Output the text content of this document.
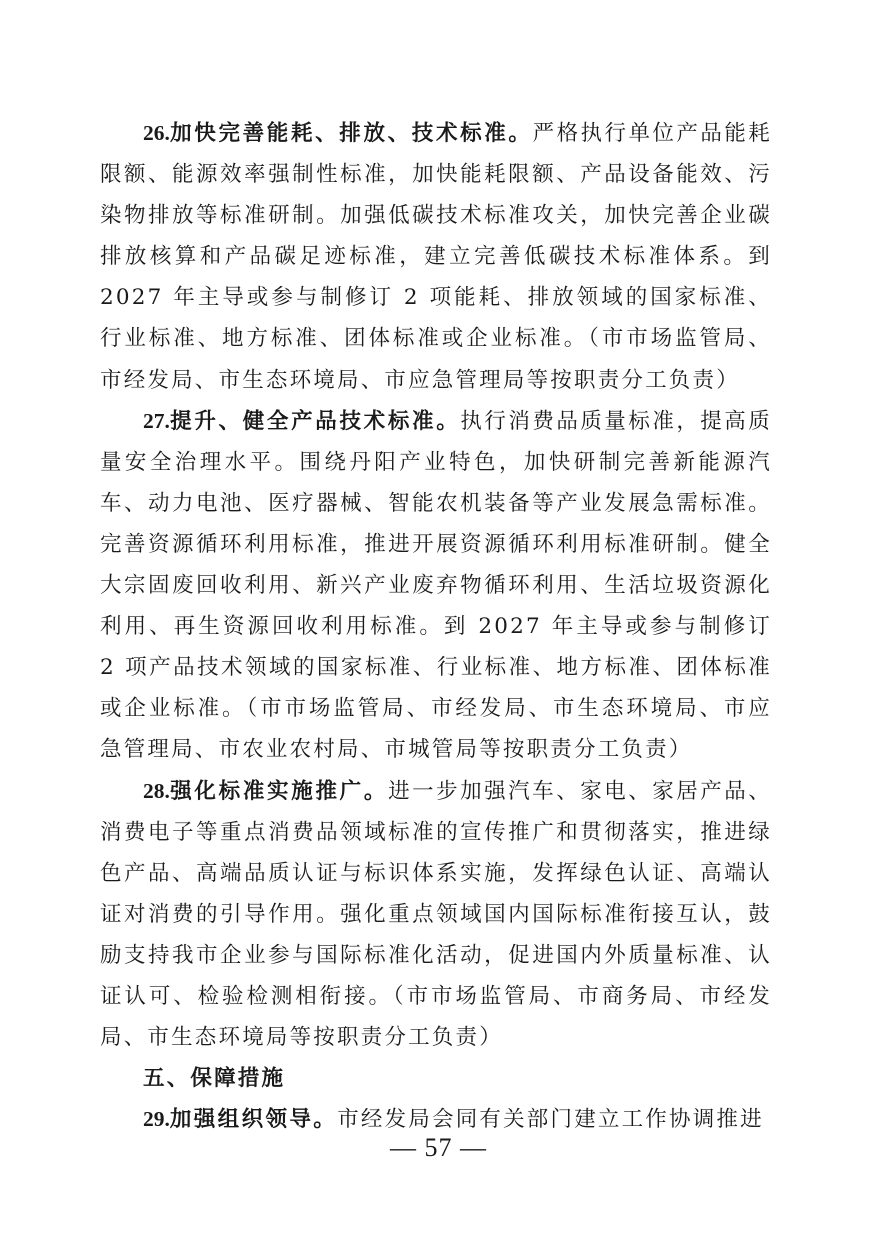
26.加快完善能耗、排放、技术标准。严格执行单位产品能耗限额、能源效率强制性标准，加快能耗限额、产品设备能效、污染物排放等标准研制。加强低碳技术标准攻关，加快完善企业碳排放核算和产品碳足迹标准，建立完善低碳技术标准体系。到 2027 年主导或参与制修订 2 项能耗、排放领域的国家标准、行业标准、地方标准、团体标准或企业标准。（市市场监管局、市经发局、市生态环境局、市应急管理局等按职责分工负责）

27.提升、健全产品技术标准。执行消费品质量标准，提高质量安全治理水平。围绕丹阳产业特色，加快研制完善新能源汽车、动力电池、医疗器械、智能农机装备等产业发展急需标准。完善资源循环利用标准，推进开展资源循环利用标准研制。健全大宗固废回收利用、新兴产业废弃物循环利用、生活垃圾资源化利用、再生资源回收利用标准。到 2027 年主导或参与制修订 2 项产品技术领域的国家标准、行业标准、地方标准、团体标准或企业标准。（市市场监管局、市经发局、市生态环境局、市应急管理局、市农业农村局、市城管局等按职责分工负责）

28.强化标准实施推广。进一步加强汽车、家电、家居产品、消费电子等重点消费品领域标准的宣传推广和贯彻落实，推进绿色产品、高端品质认证与标识体系实施，发挥绿色认证、高端认证对消费的引导作用。强化重点领域国内国际标准衔接互认，鼓励支持我市企业参与国际标准化活动，促进国内外质量标准、认证认可、检验检测相衔接。（市市场监管局、市商务局、市经发局、市生态环境局等按职责分工负责）

五、保障措施

29.加强组织领导。市经发局会同有关部门建立工作协调推进

— 57 —
